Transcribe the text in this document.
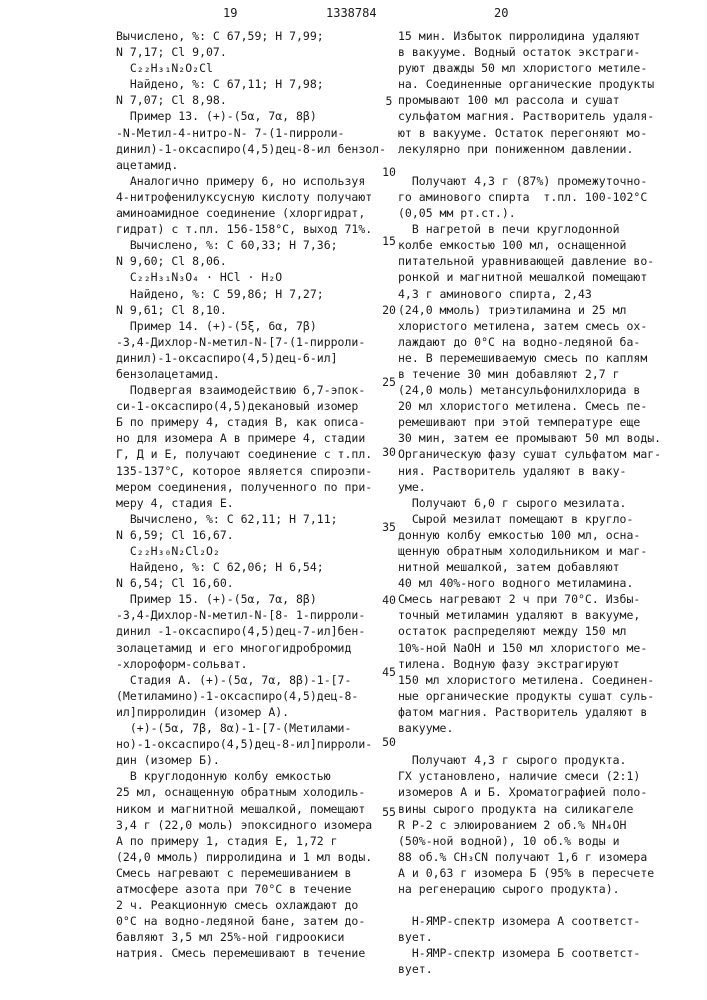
19	1338784	20
Вычислено, %: С 67,59; Н 7,99;
N 7,17; Cl 9,07.
C₂₂H₃₁N₂O₂Cl
Найдено, %: С 67,11; Н 7,98;
N 7,07; Cl 8,98.
Пример 13. (+)-(5α, 7α, 8β)
-N-Метил-4-нитро-N- 7-(1-пирроли-
динил)-1-оксаспиро(4,5)дец-8-ил бензол-
ацетамид.
Аналогично примеру 6, но используя
4-нитрофенилуксусную кислоту получают
аминоамидное соединение (хлоргидрат,
гидрат) с т.пл. 156-158°С, выход 71%.
Вычислено, %: С 60,33; Н 7,36;
N 9,60; Cl 8,06.
C₂₂H₃₁N₃O₄ · HCl · H₂O
Найдено, %: С 59,86; Н 7,27;
N 9,61; Cl 8,10.
Пример 14. (+)-(5ξ, 6α, 7β)
-3,4-Дихлор-N-метил-N-[7-(1-пирроли-
динил)-1-оксаспиро(4,5)дец-6-ил]
бензолацетамид.
Подвергая взаимодействию 6,7-эпок-
си-1-оксаспиро(4,5)декановый изомер
Б по примеру 4, стадия В, как описа-
но для изомера А в примере 4, стадии
Г, Д и Е, получают соединение с т.пл.
135-137°С, которое является спироэпи-
мером соединения, полученного по при-
меру 4, стадия Е.
Вычислено, %: С 62,11; Н 7,11;
N 6,59; Cl 16,67.
C₂₂H₃₀N₂Cl₂O₂
Найдено, %: С 62,06; Н 6,54;
N 6,54; Cl 16,60.
Пример 15. (+)-(5α, 7α, 8β)
-3,4-Дихлор-N-метил-N-[8- 1-пирроли-
динил -1-оксаспиро(4,5)дец-7-ил]бен-
золацетамид и его многогидробромид
-хлороформ-сольват.
Стадия А. (+)-(5α, 7α, 8β)-1-[7-
(Метиламино)-1-оксаспиро(4,5)дец-8-
ил]пирролидин (изомер А).
(+)-(5α, 7β, 8α)-1-[7-(Метилами-
но)-1-оксаспиро(4,5)дец-8-ил]пирроли-
дин (изомер Б).
В круглодонную колбу емкостью
25 мл, оснащенную обратным холодиль-
ником и магнитной мешалкой, помещают
3,4 г (22,0 моль) эпоксидного изомера
А по примеру 1, стадия Е, 1,72 г
(24,0 ммоль) пирролидина и 1 мл воды.
Смесь нагревают с перемешиванием в
атмосфере азота при 70°С в течение
2 ч. Реакционную смесь охлаждают до
0°С на водно-ледяной бане, затем до-
бавляют 3,5 мл 25%-ной гидроокиси
натрия. Смесь перемешивают в течение
15 мин. Избыток пирролидина удаляют
в вакууме. Водный остаток экстраги-
руют дважды 50 мл хлористого метиле-
на. Соединенные органические продукты
промывают 100 мл рассола и сушат
сульфатом магния. Растворитель удаля-
ют в вакууме. Остаток перегоняют мо-
лекулярно при пониженном давлении.
Получают 4,3 г (87%) промежуточно-
го аминового спирта  т.пл. 100-102°С
(0,05 мм рт.ст.).
В нагретой в печи круглодонной
колбе емкостью 100 мл, оснащенной
питательной уравнивающей давление во-
ронкой и магнитной мешалкой помещают
4,3 г аминового спирта, 2,43
(24,0 ммоль) триэтиламина и 25 мл
хлористого метилена, затем смесь ох-
лаждают до 0°С на водно-ледяной ба-
не. В перемешиваемую смесь по каплям
в течение 30 мин добавляют 2,7 г
(24,0 моль) метансульфонилхлорида в
20 мл хлористого метилена. Смесь пе-
ремешивают при этой температуре еще
30 мин, затем ее промывают 50 мл воды.
Органическую фазу сушат сульфатом маг-
ния. Растворитель удаляют в ваку-
уме.
Получают 6,0 г сырого мезилата.
Сырой мезилат помещают в кругло-
донную колбу емкостью 100 мл, осна-
щенную обратным холодильником и маг-
нитной мешалкой, затем добавляют
40 мл 40%-ного водного метиламина.
Смесь нагревают 2 ч при 70°С. Избы-
точный метиламин удаляют в вакууме,
остаток распределяют между 150 мл
10%-ной NaOH и 150 мл хлористого ме-
тилена. Водную фазу экстрагируют
150 мл хлористого метилена. Соединен-
ные органические продукты сушат суль-
фатом магния. Растворитель удаляют в
вакууме.
Получают 4,3 г сырого продукта.
ГХ установлено, наличие смеси (2:1)
изомеров А и Б. Хроматографией поло-
вины сырого продукта на силикагеле
R P-2 с элюированием 2 об.% NH₄OH
(50%-ной водной), 10 об.% воды и
88 об.% CH₃CN получают 1,6 г изомера
А и 0,63 г изомера Б (95% в пересчете
на регенерацию сырого продукта).
Н-ЯМР-спектр изомера А соответст-
вует.
Н-ЯМР-спектр изомера Б соответст-
вует.
5
10
15
20
25
30
35
40
45
50
55
